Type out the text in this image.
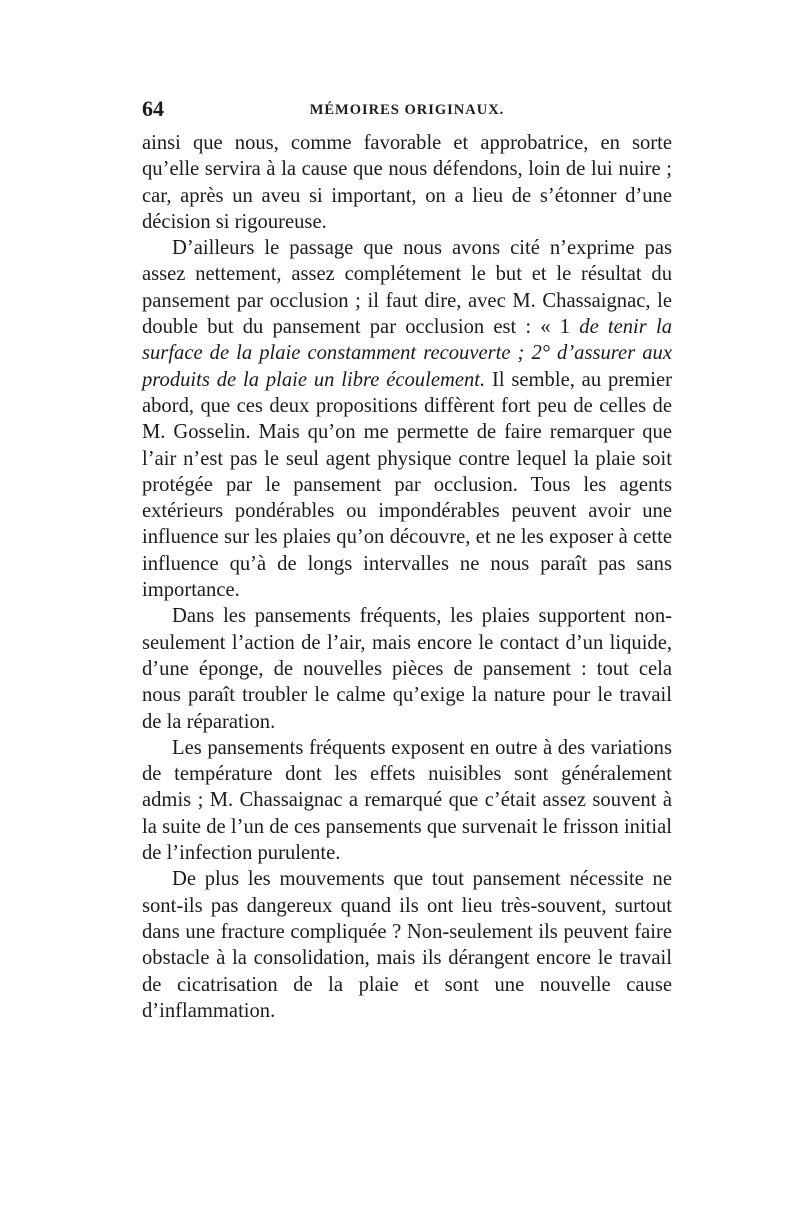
64	MÉMOIRES ORIGINAUX.

ainsi que nous, comme favorable et approbatrice, en sorte qu’elle servira à la cause que nous défendons, loin de lui nuire ; car, après un aveu si important, on a lieu de s’étonner d’une décision si rigoureuse.

D’ailleurs le passage que nous avons cité n’exprime pas assez nettement, assez complétement le but et le résultat du pansement par occlusion ; il faut dire, avec M. Chassaignac, le double but du pansement par occlusion est : « 1 de tenir la surface de la plaie constamment recouverte ; 2° d’assurer aux produits de la plaie un libre écoulement. Il semble, au premier abord, que ces deux propositions diffèrent fort peu de celles de M. Gosselin. Mais qu’on me permette de faire remarquer que l’air n’est pas le seul agent physique contre lequel la plaie soit protégée par le pansement par occlusion. Tous les agents extérieurs pondérables ou impondérables peuvent avoir une influence sur les plaies qu’on découvre, et ne les exposer à cette influence qu’à de longs intervalles ne nous paraît pas sans importance.

Dans les pansements fréquents, les plaies supportent non-seulement l’action de l’air, mais encore le contact d’un liquide, d’une éponge, de nouvelles pièces de pansement : tout cela nous paraît troubler le calme qu’exige la nature pour le travail de la réparation.

Les pansements fréquents exposent en outre à des variations de température dont les effets nuisibles sont généralement admis ; M. Chassaignac a remarqué que c’était assez souvent à la suite de l’un de ces pansements que survenait le frisson initial de l’infection purulente.

De plus les mouvements que tout pansement nécessite ne sont-ils pas dangereux quand ils ont lieu très-souvent, surtout dans une fracture compliquée ? Non-seulement ils peuvent faire obstacle à la consolidation, mais ils dérangent encore le travail de cicatrisation de la plaie et sont une nouvelle cause d’inflammation.
